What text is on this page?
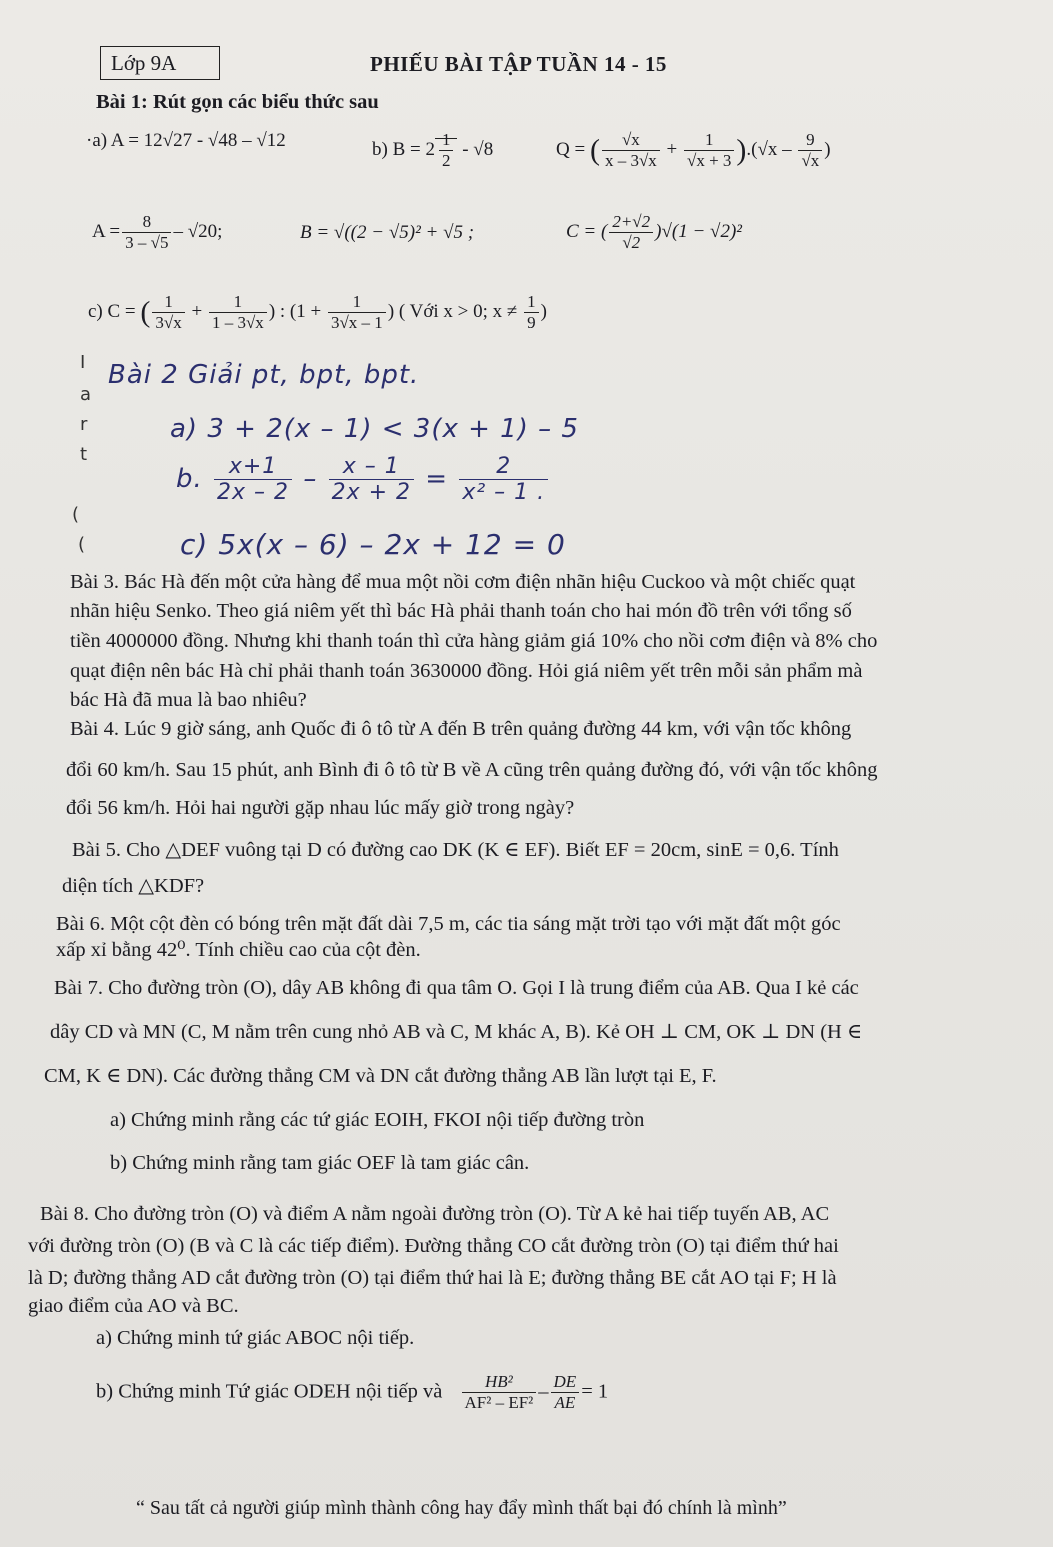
Lớp 9A	PHIẾU BÀI TẬP TUẦN 14 - 15
Bài 1: Rút gọn các biểu thức sau
·a) A = 12√27 - √48 – √12	b) $B = 2 \frac{1}{2} - √8$	Q = ( $\frac{√x}{x - 3√x} + \frac{1}{√x + 3} ).(√x - \frac{9}{√x}$ )
$A = \frac{8}{3 - √5} - √20$;	B = √((2 − √5)² + √5 ;	C = ( $\frac{2+√2}{√2} )√(1 - √2)^2$
c) C = ( $\frac{1}{3√x} + \frac{1}{1 - 3√x}$ ) : ($1 + \frac{1}{3√x - 1}$ ) ( Với x > 0; $x \ne \frac{1}{9}$ )
I
a
r
t
(
(
Bài 2 Giải pt, bpt, bpt.
a) 3 + 2(x – 1) < 3(x + 1) – 5
b. $\frac{x+1}{2x - 2} - \frac{x - 1}{2x + 2} = \frac{2}{\text{x² – 1 .}}$
c) 5x(x – 6) – 2x + 12 = 0
Bài 3. Bác Hà đến một cửa hàng để mua một nồi cơm điện nhãn hiệu Cuckoo và một chiếc quạt
nhãn hiệu Senko. Theo giá niêm yết thì bác Hà phải thanh toán cho hai món đồ trên với tổng số
tiền 4000000 đồng. Nhưng khi thanh toán thì cửa hàng giảm giá 10% cho nồi cơm điện và 8% cho
quạt điện nên bác Hà chỉ phải thanh toán 3630000 đồng. Hỏi giá niêm yết trên mỗi sản phẩm mà
bác Hà đã mua là bao nhiêu?
Bài 4. Lúc 9 giờ sáng, anh Quốc đi ô tô từ A đến B trên quảng đường 44 km, với vận tốc không
đổi 60 km/h. Sau 15 phút, anh Bình đi ô tô từ B về A cũng trên quảng đường đó, với vận tốc không
đổi 56 km/h. Hỏi hai người gặp nhau lúc mấy giờ trong ngày?
Bài 5. Cho △DEF vuông tại D có đường cao DK (K ∈ EF). Biết EF = 20cm, sinE = 0,6. Tính
diện tích △KDF?
Bài 6. Một cột đèn có bóng trên mặt đất dài 7,5 m, các tia sáng mặt trời tạo với mặt đất một góc
xấp xỉ bằng 42⁰. Tính chiều cao của cột đèn.
Bài 7. Cho đường tròn (O), dây AB không đi qua tâm O. Gọi I là trung điểm của AB. Qua I kẻ các
dây CD và MN (C, M nằm trên cung nhỏ AB và C, M khác A, B). Kẻ OH ⊥ CM, OK ⊥ DN (H ∈
CM, K ∈ DN). Các đường thẳng CM và DN cắt đường thẳng AB lần lượt tại E, F.
a) Chứng minh rằng các tứ giác EOIH, FKOI nội tiếp đường tròn
b) Chứng minh rằng tam giác OEF là tam giác cân.
Bài 8. Cho đường tròn (O) và điểm A nằm ngoài đường tròn (O). Từ A kẻ hai tiếp tuyến AB, AC
với đường tròn (O) (B và C là các tiếp điểm). Đường thẳng CO cắt đường tròn (O) tại điểm thứ hai
là D; đường thẳng AD cắt đường tròn (O) tại điểm thứ hai là E; đường thẳng BE cắt AO tại F; H là
giao điểm của AO và BC.
a) Chứng minh tứ giác ABOC nội tiếp.
b) Chứng minh Tứ giác ODEH nội tiếp và $\frac{\text{HB²}}{\text{AF² – EF²}} - \frac{DE}{AE} = 1$
“ Sau tất cả người giúp mình thành công hay đẩy mình thất bại đó chính là mình”
